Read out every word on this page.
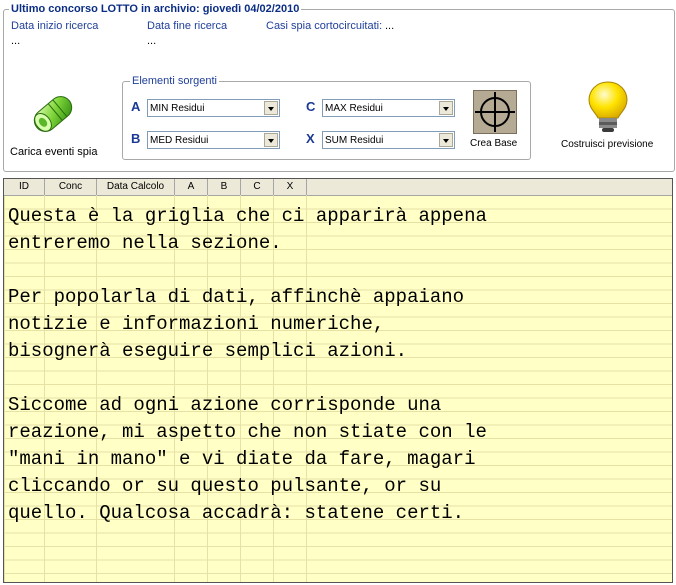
Ultimo concorso LOTTO in archivio: giovedì 04/02/2010
Data inizio ricerca
...
Data fine ricerca
...
Casi spia cortocircuitati: ...
Carica eventi spia
Elementi sorgenti
A MIN Residui
B MED Residui
C MAX Residui
X SUM Residui	Crea Base	Costruisci previsione
ID	Conc	Data Calcolo	A	B	C	X

Questa è la griglia che ci apparirà appena
entreremo nella sezione.

Per popolarla di dati, affinchè appaiano
notizie e informazioni numeriche,
bisognerà eseguire semplici azioni.

Siccome ad ogni azione corrisponde una
reazione, mi aspetto che non stiate con le
"mani in mano" e vi diate da fare, magari
cliccando or su questo pulsante, or su
quello. Qualcosa accadrà: statene certi.
